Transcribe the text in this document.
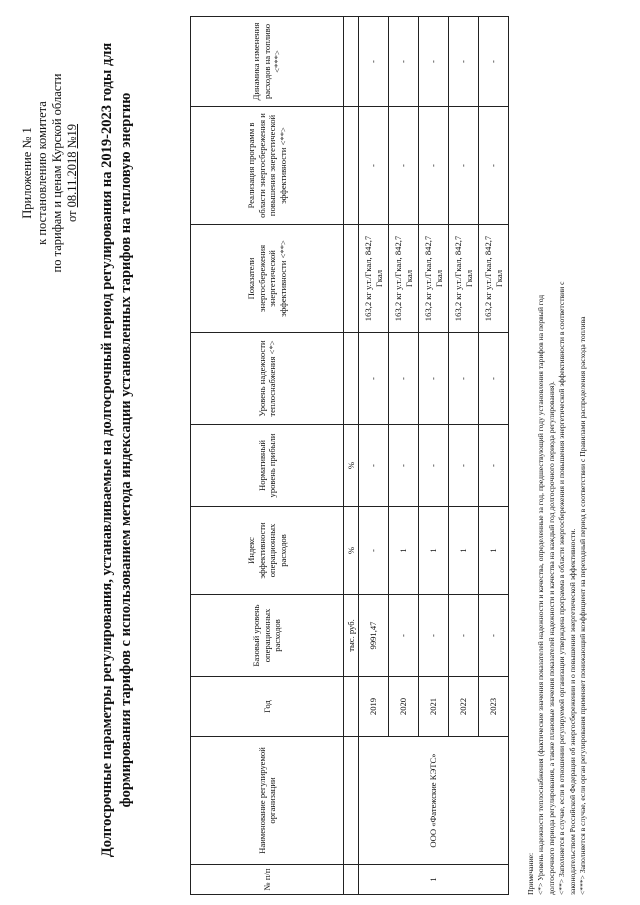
Приложение № 1 к постановлению комитета по тарифам и ценам Курской области от 08.11.2018 №19 Долгосрочные параметры регулирования, устанавливаемые на долгосрочный период регулирования на 2019-2023 годы для формирования тарифов с использованием метода индексации установленных тарифов на тепловую энергию
№ п/п	Наименование регулируемой организации	Год	Базовый уровень операционных расходов	Индекс эффективности операционных расходов	Нормативный уровень прибыли	Уровень надежности теплоснабжения <*>	Показатели энергосбережения энергетической эффективности <**>	Реализация программ в области энергосбережения и повышения энергетической эффективности <**>	Динамика изменения расходов на топливо <***>
			тыс. руб.	%	%				
1	ООО «Фатежские КЭТС»	2019	9991,47	-	-	-	163,2 кг у.т./Гкал, 842,7 Гкал	-	-
		2020	-	1	-	-	163,2 кг у.т./Гкал, 842,7 Гкал	-	-
		2021	-	1	-	-	163,2 кг у.т./Гкал, 842,7 Гкал	-	-
		2022	-	1	-	-	163,2 кг у.т./Гкал, 842,7 Гкал	-	-
		2023	-	1	-	-	163,2 кг у.т./Гкал, 842,7 Гкал	-	-
Примечание: <*> Уровень надежности теплоснабжения (фактические значения показателей надежности и качества, определенные за год, предшествующий году установления тарифов на первый год долгосрочного периода регулирования, а также плановые значения показателей надежности и качества на каждый год долгосрочного периода регулирования). <**> Заполняется в случае, если в отношении регулируемой организации утверждена программа в области энергосбережения и повышения энергетической эффективности в соответствии с законодательством Российской Федерации об энергосбережении и о повышении энергетической эффективности. <***> Заполняется в случае, если орган регулирования применяет понижающий коэффициент на переходный период в соответствии с Правилами распределения расхода топлива
